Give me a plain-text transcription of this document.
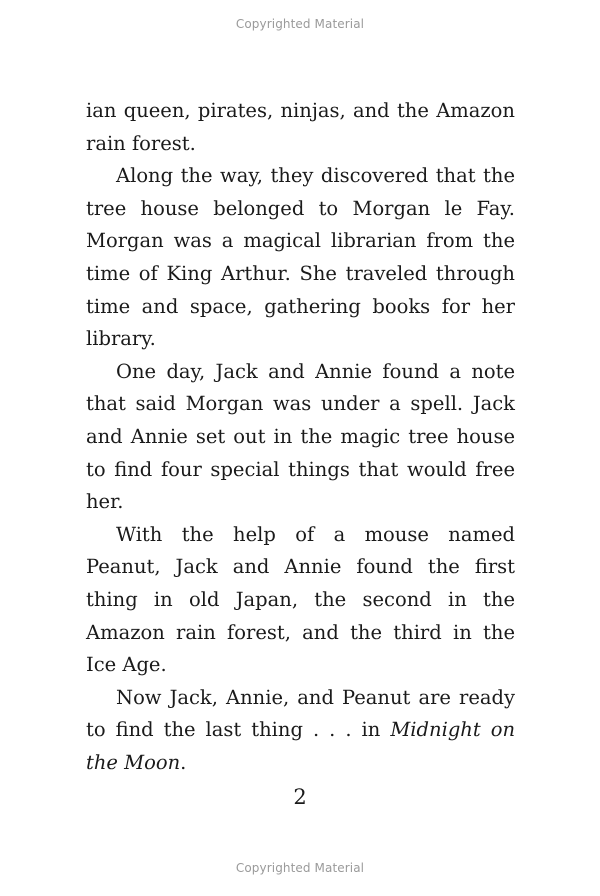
Copyrighted Material

ian queen, pirates, ninjas, and the Amazon rain forest.

Along the way, they discovered that the tree house belonged to Morgan le Fay. Morgan was a magical librarian from the time of King Arthur. She traveled through time and space, gathering books for her library.

One day, Jack and Annie found a note that said Morgan was under a spell. Jack and Annie set out in the magic tree house to find four special things that would free her.

With the help of a mouse named Peanut, Jack and Annie found the first thing in old Japan, the second in the Amazon rain forest, and the third in the Ice Age.

Now Jack, Annie, and Peanut are ready to find the last thing . . . in Midnight on the Moon.

2
Copyrighted Material
